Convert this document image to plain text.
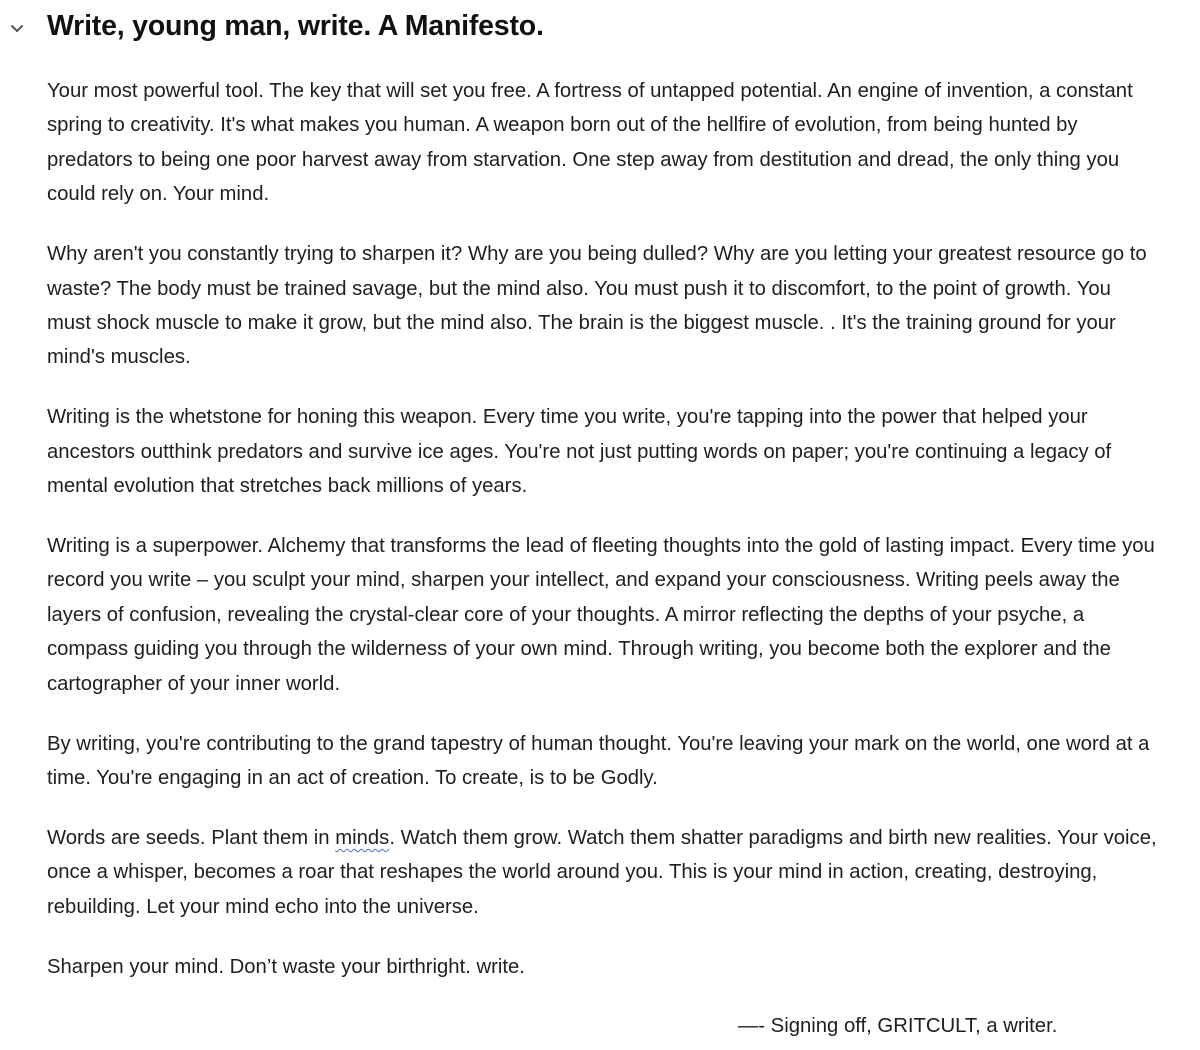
Write, young man, write. A Manifesto.

Your most powerful tool. The key that will set you free. A fortress of untapped potential. An engine of invention, a constant spring to creativity. It's what makes you human. A weapon born out of the hellfire of evolution, from being hunted by predators to being one poor harvest away from starvation. One step away from destitution and dread, the only thing you could rely on. Your mind.

Why aren't you constantly trying to sharpen it? Why are you being dulled? Why are you letting your greatest resource go to waste? The body must be trained savage, but the mind also. You must push it to discomfort, to the point of growth. You must shock muscle to make it grow, but the mind also. The brain is the biggest muscle. . It's the training ground for your mind's muscles.

Writing is the whetstone for honing this weapon. Every time you write, you're tapping into the power that helped your ancestors outthink predators and survive ice ages. You're not just putting words on paper; you're continuing a legacy of mental evolution that stretches back millions of years.

Writing is a superpower. Alchemy that transforms the lead of fleeting thoughts into the gold of lasting impact. Every time you record you write – you sculpt your mind, sharpen your intellect, and expand your consciousness. Writing peels away the layers of confusion, revealing the crystal-clear core of your thoughts. A mirror reflecting the depths of your psyche, a compass guiding you through the wilderness of your own mind. Through writing, you become both the explorer and the cartographer of your inner world.

By writing, you're contributing to the grand tapestry of human thought. You're leaving your mark on the world, one word at a time. You're engaging in an act of creation. To create, is to be Godly.

Words are seeds. Plant them in minds. Watch them grow. Watch them shatter paradigms and birth new realities. Your voice, once a whisper, becomes a roar that reshapes the world around you. This is your mind in action, creating, destroying, rebuilding. Let your mind echo into the universe.

Sharpen your mind. Don’t waste your birthright. write.

—- Signing off, GRITCULT, a writer.
